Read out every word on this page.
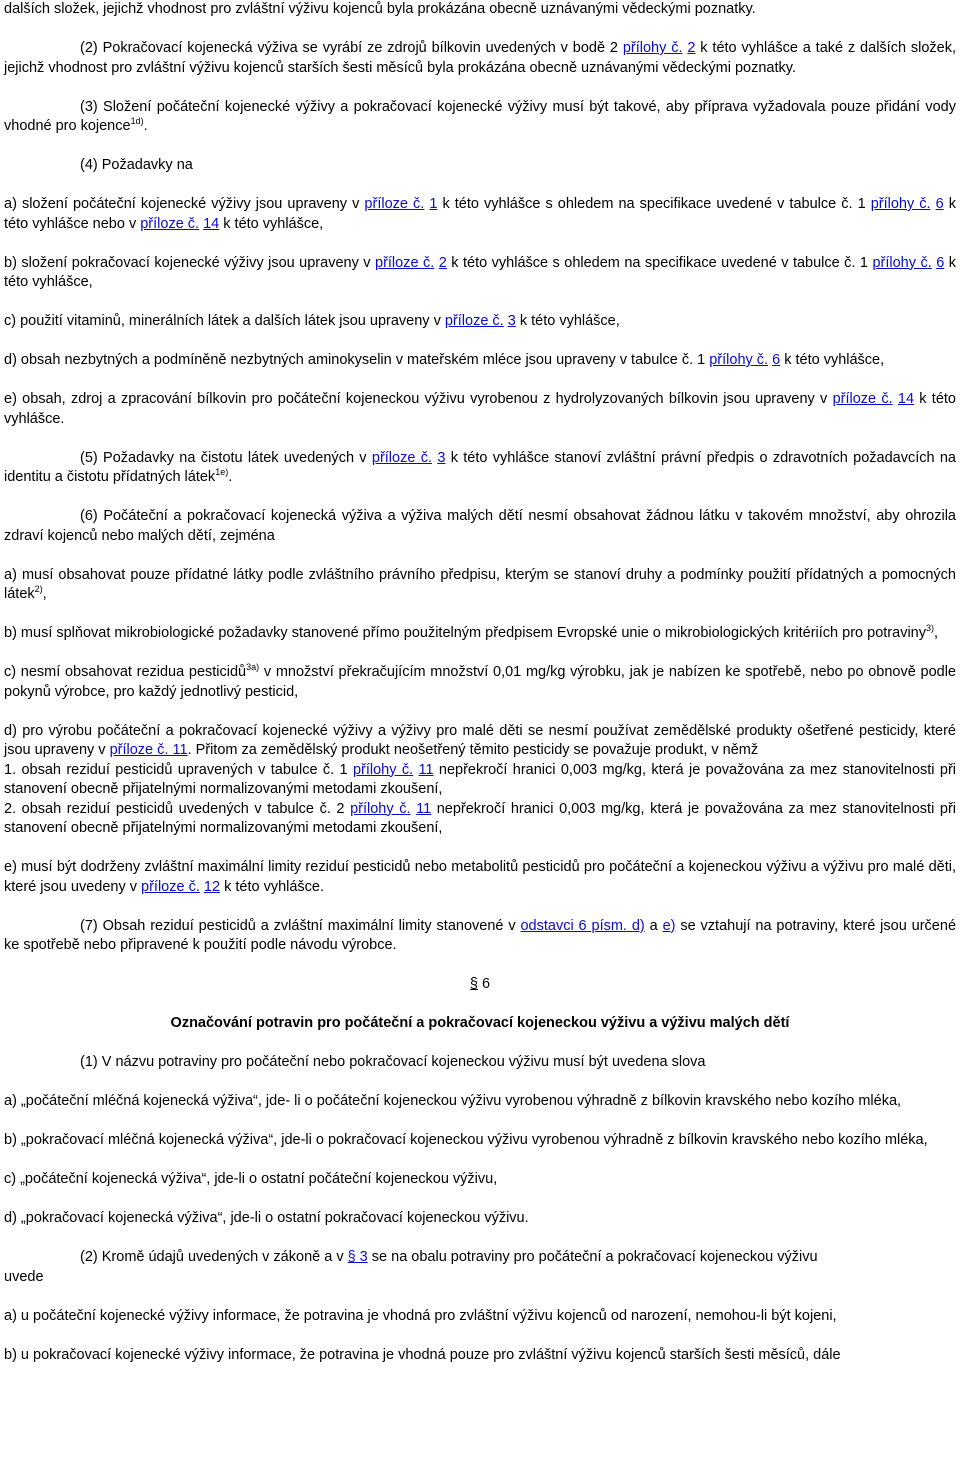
dalších složek, jejichž vhodnost pro zvláštní výživu kojenců byla prokázána obecně uznávanými vědeckými poznatky.

(2) Pokračovací kojenecká výživa se vyrábí ze zdrojů bílkovin uvedených v bodě 2 přílohy č. 2 k této vyhlášce a také z dalších složek, jejichž vhodnost pro zvláštní výživu kojenců starších šesti měsíců byla prokázána obecně uznávanými vědeckými poznatky.

(3) Složení počáteční kojenecké výživy a pokračovací kojenecké výživy musí být takové, aby příprava vyžadovala pouze přidání vody vhodné pro kojence$^{1d)}$.

(4) Požadavky na

a) složení počáteční kojenecké výživy jsou upraveny v příloze č. 1 k této vyhlášce s ohledem na specifikace uvedené v tabulce č. 1 přílohy č. 6 k této vyhlášce nebo v příloze č. 14 k této vyhlášce,

b) složení pokračovací kojenecké výživy jsou upraveny v příloze č. 2 k této vyhlášce s ohledem na specifikace uvedené v tabulce č. 1 přílohy č. 6 k této vyhlášce,

c) použití vitaminů, minerálních látek a dalších látek jsou upraveny v příloze č. 3 k této vyhlášce,

d) obsah nezbytných a podmíněně nezbytných aminokyselin v mateřském mléce jsou upraveny v tabulce č. 1 přílohy č. 6 k této vyhlášce,

e) obsah, zdroj a zpracování bílkovin pro počáteční kojeneckou výživu vyrobenou z hydrolyzovaných bílkovin jsou upraveny v příloze č. 14 k této vyhlášce.

(5) Požadavky na čistotu látek uvedených v příloze č. 3 k této vyhlášce stanoví zvláštní právní předpis o zdravotních požadavcích na identitu a čistotu přídatných látek$^{1e)}$.

(6) Počáteční a pokračovací kojenecká výživa a výživa malých dětí nesmí obsahovat žádnou látku v takovém množství, aby ohrozila zdraví kojenců nebo malých dětí, zejména

a) musí obsahovat pouze přídatné látky podle zvláštního právního předpisu, kterým se stanoví druhy a podmínky použití přídatných a pomocných látek$^{2)}$,

b) musí splňovat mikrobiologické požadavky stanovené přímo použitelným předpisem Evropské unie o mikrobiologických kritériích pro potraviny$^{3)}$,

c) nesmí obsahovat rezidua pesticidů$^{3a)}$ v množství překračujícím množství 0,01 mg/kg výrobku, jak je nabízen ke spotřebě, nebo po obnově podle pokynů výrobce, pro každý jednotlivý pesticid,

d) pro výrobu počáteční a pokračovací kojenecké výživy a výživy pro malé děti se nesmí používat zemědělské produkty ošetřené pesticidy, které jsou upraveny v příloze č. 11. Přitom za zemědělský produkt neošetřený těmito pesticidy se považuje produkt, v němž

1. obsah reziduí pesticidů upravených v tabulce č. 1 přílohy č. 11 nepřekročí hranici 0,003 mg/kg, která je považována za mez stanovitelnosti při stanovení obecně přijatelnými normalizovanými metodami zkoušení,

2. obsah reziduí pesticidů uvedených v tabulce č. 2 přílohy č. 11 nepřekročí hranici 0,003 mg/kg, která je považována za mez stanovitelnosti při stanovení obecně přijatelnými normalizovanými metodami zkoušení,

e) musí být dodrženy zvláštní maximální limity reziduí pesticidů nebo metabolitů pesticidů pro počáteční a kojeneckou výživu a výživu pro malé děti, které jsou uvedeny v příloze č. 12 k této vyhlášce.

(7) Obsah reziduí pesticidů a zvláštní maximální limity stanovené v odstavci 6 písm. d) a e) se vztahují na potraviny, které jsou určené ke spotřebě nebo připravené k použití podle návodu výrobce.

§ 6

Označování potravin pro počáteční a pokračovací kojeneckou výživu a výživu malých dětí

(1) V názvu potraviny pro počáteční nebo pokračovací kojeneckou výživu musí být uvedena slova

a) „počáteční mléčná kojenecká výživa“, jde- li o počáteční kojeneckou výživu vyrobenou výhradně z bílkovin kravského nebo kozího mléka,

b) „pokračovací mléčná kojenecká výživa“, jde-li o pokračovací kojeneckou výživu vyrobenou výhradně z bílkovin kravského nebo kozího mléka,

c) „počáteční kojenecká výživa“, jde-li o ostatní počáteční kojeneckou výživu,

d) „pokračovací kojenecká výživa“, jde-li o ostatní pokračovací kojeneckou výživu.

(2) Kromě údajů uvedených v zákoně a v § 3 se na obalu potraviny pro počáteční a pokračovací kojeneckou výživu

uvede

a) u počáteční kojenecké výživy informace, že potravina je vhodná pro zvláštní výživu kojenců od narození, nemohou-li být kojeni,

b) u pokračovací kojenecké výživy informace, že potravina je vhodná pouze pro zvláštní výživu kojenců starších šesti měsíců, dále
